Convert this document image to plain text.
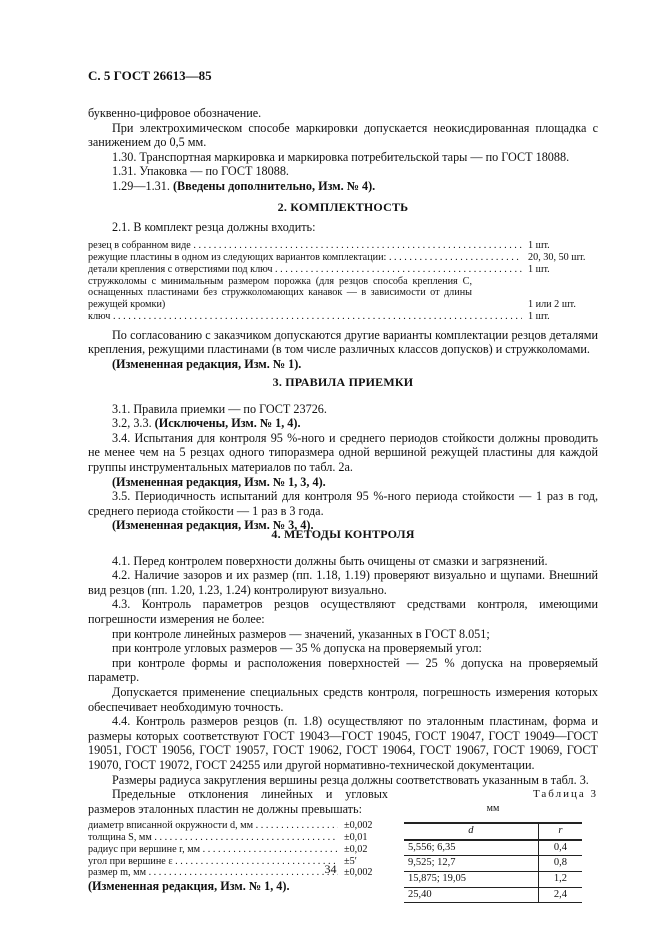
С. 5 ГОСТ 26613—85

буквенно-цифровое обозначение.

При электрохимическом способе маркировки допускается неокисдированная площадка с занижением до 0,5 мм.

1.30. Транспортная маркировка и маркировка потребительской тары — по ГОСТ 18088.

1.31. Упаковка — по ГОСТ 18088.

1.29—1.31. (Введены дополнительно, Изм. № 4).

2. КОМПЛЕКТНОСТЬ

2.1. В комплект резца должны входить:

резец в собранном виде . . .	1 шт.
режущие пластины в одном из следующих вариантов комплектации: . . .	20, 30, 50 шт.
детали крепления с отверстиями под ключ . . .	1 шт.
стружколомы с минимальным размером порожка (для резцов способа крепления С, оснащенных пластинами без стружколомающих канавок — в зависимости от длины режущей кромки)	1 или 2 шт.
ключ . . .	1 шт.

По согласованию с заказчиком допускаются другие варианты комплектации резцов деталями крепления, режущими пластинами (в том числе различных классов допусков) и стружколомами.

(Измененная редакция, Изм. № 1).

3. ПРАВИЛА ПРИЕМКИ

3.1. Правила приемки — по ГОСТ 23726.

3.2, 3.3. (Исключены, Изм. № 1, 4).

3.4. Испытания для контроля 95 %-ного и среднего периодов стойкости должны проводить не менее чем на 5 резцах одного типоразмера одной вершиной режущей пластины для каждой группы инструментальных материалов по табл. 2а.

(Измененная редакция, Изм. № 1, 3, 4).

3.5. Периодичность испытаний для контроля 95 %-ного периода стойкости — 1 раз в год, среднего периода стойкости — 1 раз в 3 года.

(Измененная редакция, Изм. № 3, 4).

4. МЕТОДЫ КОНТРОЛЯ

4.1. Перед контролем поверхности должны быть очищены от смазки и загрязнений.

4.2. Наличие зазоров и их размер (пп. 1.18, 1.19) проверяют визуально и щупами. Внешний вид резцов (пп. 1.20, 1.23, 1.24) контролируют визуально.

4.3. Контроль параметров резцов осуществляют средствами контроля, имеющими погрешности измерения не более:

при контроле линейных размеров — значений, указанных в ГОСТ 8.051;

при контроле угловых размеров — 35 % допуска на проверяемый угол:

при контроле формы и расположения поверхностей — 25 % допуска на проверяемый параметр.

Допускается применение специальных средств контроля, погрешность измерения которых обеспечивает необходимую точность.

4.4. Контроль размеров резцов (п. 1.8) осуществляют по эталонным пластинам, форма и размеры которых соответствуют ГОСТ 19043—ГОСТ 19045, ГОСТ 19047, ГОСТ 19049—ГОСТ 19051, ГОСТ 19056, ГОСТ 19057, ГОСТ 19062, ГОСТ 19064, ГОСТ 19067, ГОСТ 19069, ГОСТ 19070, ГОСТ 19072, ГОСТ 24255 или другой нормативно-технической документации.

Размеры радиуса закругления вершины резца должны соответствовать указанным в табл. 3.

Предельные отклонения линейных и угловых размеров эталонных пластин не должны превышать:

диаметр вписанной окружности d, мм . . .	±0,002
толщина S, мм . . .	±0,01
радиус при вершине r, мм . . .	±0,02
угол при вершине ε . . .	±5′
размер m, мм . . .	±0,002

(Измененная редакция, Изм. № 1, 4).

Таблица 3
мм
d	r
5,556; 6,35	0,4
9,525; 12,7	0,8
15,875; 19,05	1,2
25,40	2,4
34
